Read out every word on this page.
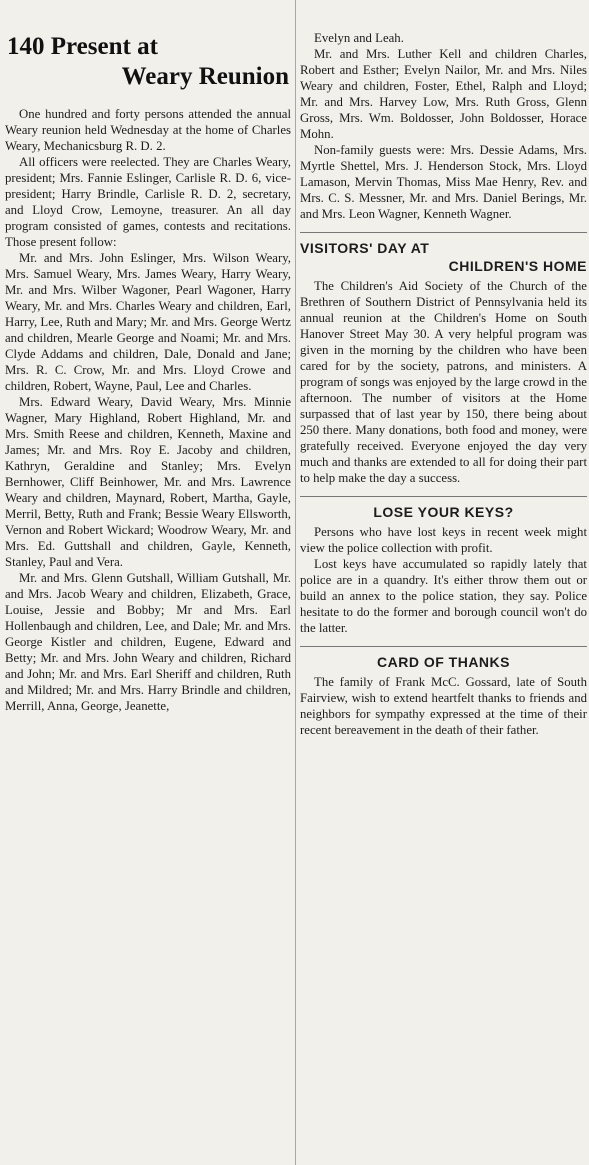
140 Present at
Weary Reunion

One hundred and forty persons attended the annual Weary reunion held Wednesday at the home of Charles Weary, Mechanicsburg R. D. 2.

All officers were reelected. They are Charles Weary, president; Mrs. Fannie Eslinger, Carlisle R. D. 6, vice-president; Harry Brindle, Carlisle R. D. 2, secretary, and Lloyd Crow, Lemoyne, treasurer. An all day program consisted of games, contests and recitations. Those present follow:

Mr. and Mrs. John Eslinger, Mrs. Wilson Weary, Mrs. Samuel Weary, Mrs. James Weary, Harry Weary, Mr. and Mrs. Wilber Wagoner, Pearl Wagoner, Harry Weary, Mr. and Mrs. Charles Weary and children, Earl, Harry, Lee, Ruth and Mary; Mr. and Mrs. George Wertz and children, Mearle George and Noami; Mr. and Mrs. Clyde Addams and children, Dale, Donald and Jane; Mrs. R. C. Crow, Mr. and Mrs. Lloyd Crowe and children, Robert, Wayne, Paul, Lee and Charles.

Mrs. Edward Weary, David Weary, Mrs. Minnie Wagner, Mary Highland, Robert Highland, Mr. and Mrs. Smith Reese and children, Kenneth, Maxine and James; Mr. and Mrs. Roy E. Jacoby and children, Kathryn, Geraldine and Stanley; Mrs. Evelyn Bernhower, Cliff Beinhower, Mr. and Mrs. Lawrence Weary and children, Maynard, Robert, Martha, Gayle, Merril, Betty, Ruth and Frank; Bessie Weary Ellsworth, Vernon and Robert Wickard; Woodrow Weary, Mr. and Mrs. Ed. Guttshall and children, Gayle, Kenneth, Stanley, Paul and Vera.

Mr. and Mrs. Glenn Gutshall, William Gutshall, Mr. and Mrs. Jacob Weary and children, Elizabeth, Grace, Louise, Jessie and Bobby; Mr and Mrs. Earl Hollenbaugh and children, Lee, and Dale; Mr. and Mrs. George Kistler and children, Eugene, Edward and Betty; Mr. and Mrs. John Weary and children, Richard and John; Mr. and Mrs. Earl Sheriff and children, Ruth and Mildred; Mr. and Mrs. Harry Brindle and children, Merrill, Anna, George, Jeanette,

Evelyn and Leah.

Mr. and Mrs. Luther Kell and children Charles, Robert and Esther; Evelyn Nailor, Mr. and Mrs. Niles Weary and children, Foster, Ethel, Ralph and Lloyd; Mr. and Mrs. Harvey Low, Mrs. Ruth Gross, Glenn Gross, Mrs. Wm. Boldosser, John Boldosser, Horace Mohn.

Non-family guests were: Mrs. Dessie Adams, Mrs. Myrtle Shettel, Mrs. J. Henderson Stock, Mrs. Lloyd Lamason, Mervin Thomas, Miss Mae Henry, Rev. and Mrs. C. S. Messner, Mr. and Mrs. Daniel Berings, Mr. and Mrs. Leon Wagner, Kenneth Wagner.

VISITORS' DAY AT
CHILDREN'S HOME

The Children's Aid Society of the Church of the Brethren of Southern District of Pennsylvania held its annual reunion at the Children's Home on South Hanover Street May 30. A very helpful program was given in the morning by the children who have been cared for by the society, patrons, and ministers. A program of songs was enjoyed by the large crowd in the afternoon. The number of visitors at the Home surpassed that of last year by 150, there being about 250 there. Many donations, both food and money, were gratefully received. Everyone enjoyed the day very much and thanks are extended to all for doing their part to help make the day a success.

LOSE YOUR KEYS?

Persons who have lost keys in recent week might view the police collection with profit.

Lost keys have accumulated so rapidly lately that police are in a quandry. It's either throw them out or build an annex to the police station, they say. Police hesitate to do the former and borough council won't do the latter.

CARD OF THANKS

The family of Frank McC. Gossard, late of South Fairview, wish to extend heartfelt thanks to friends and neighbors for sympathy expressed at the time of their recent bereavement in the death of their father.
